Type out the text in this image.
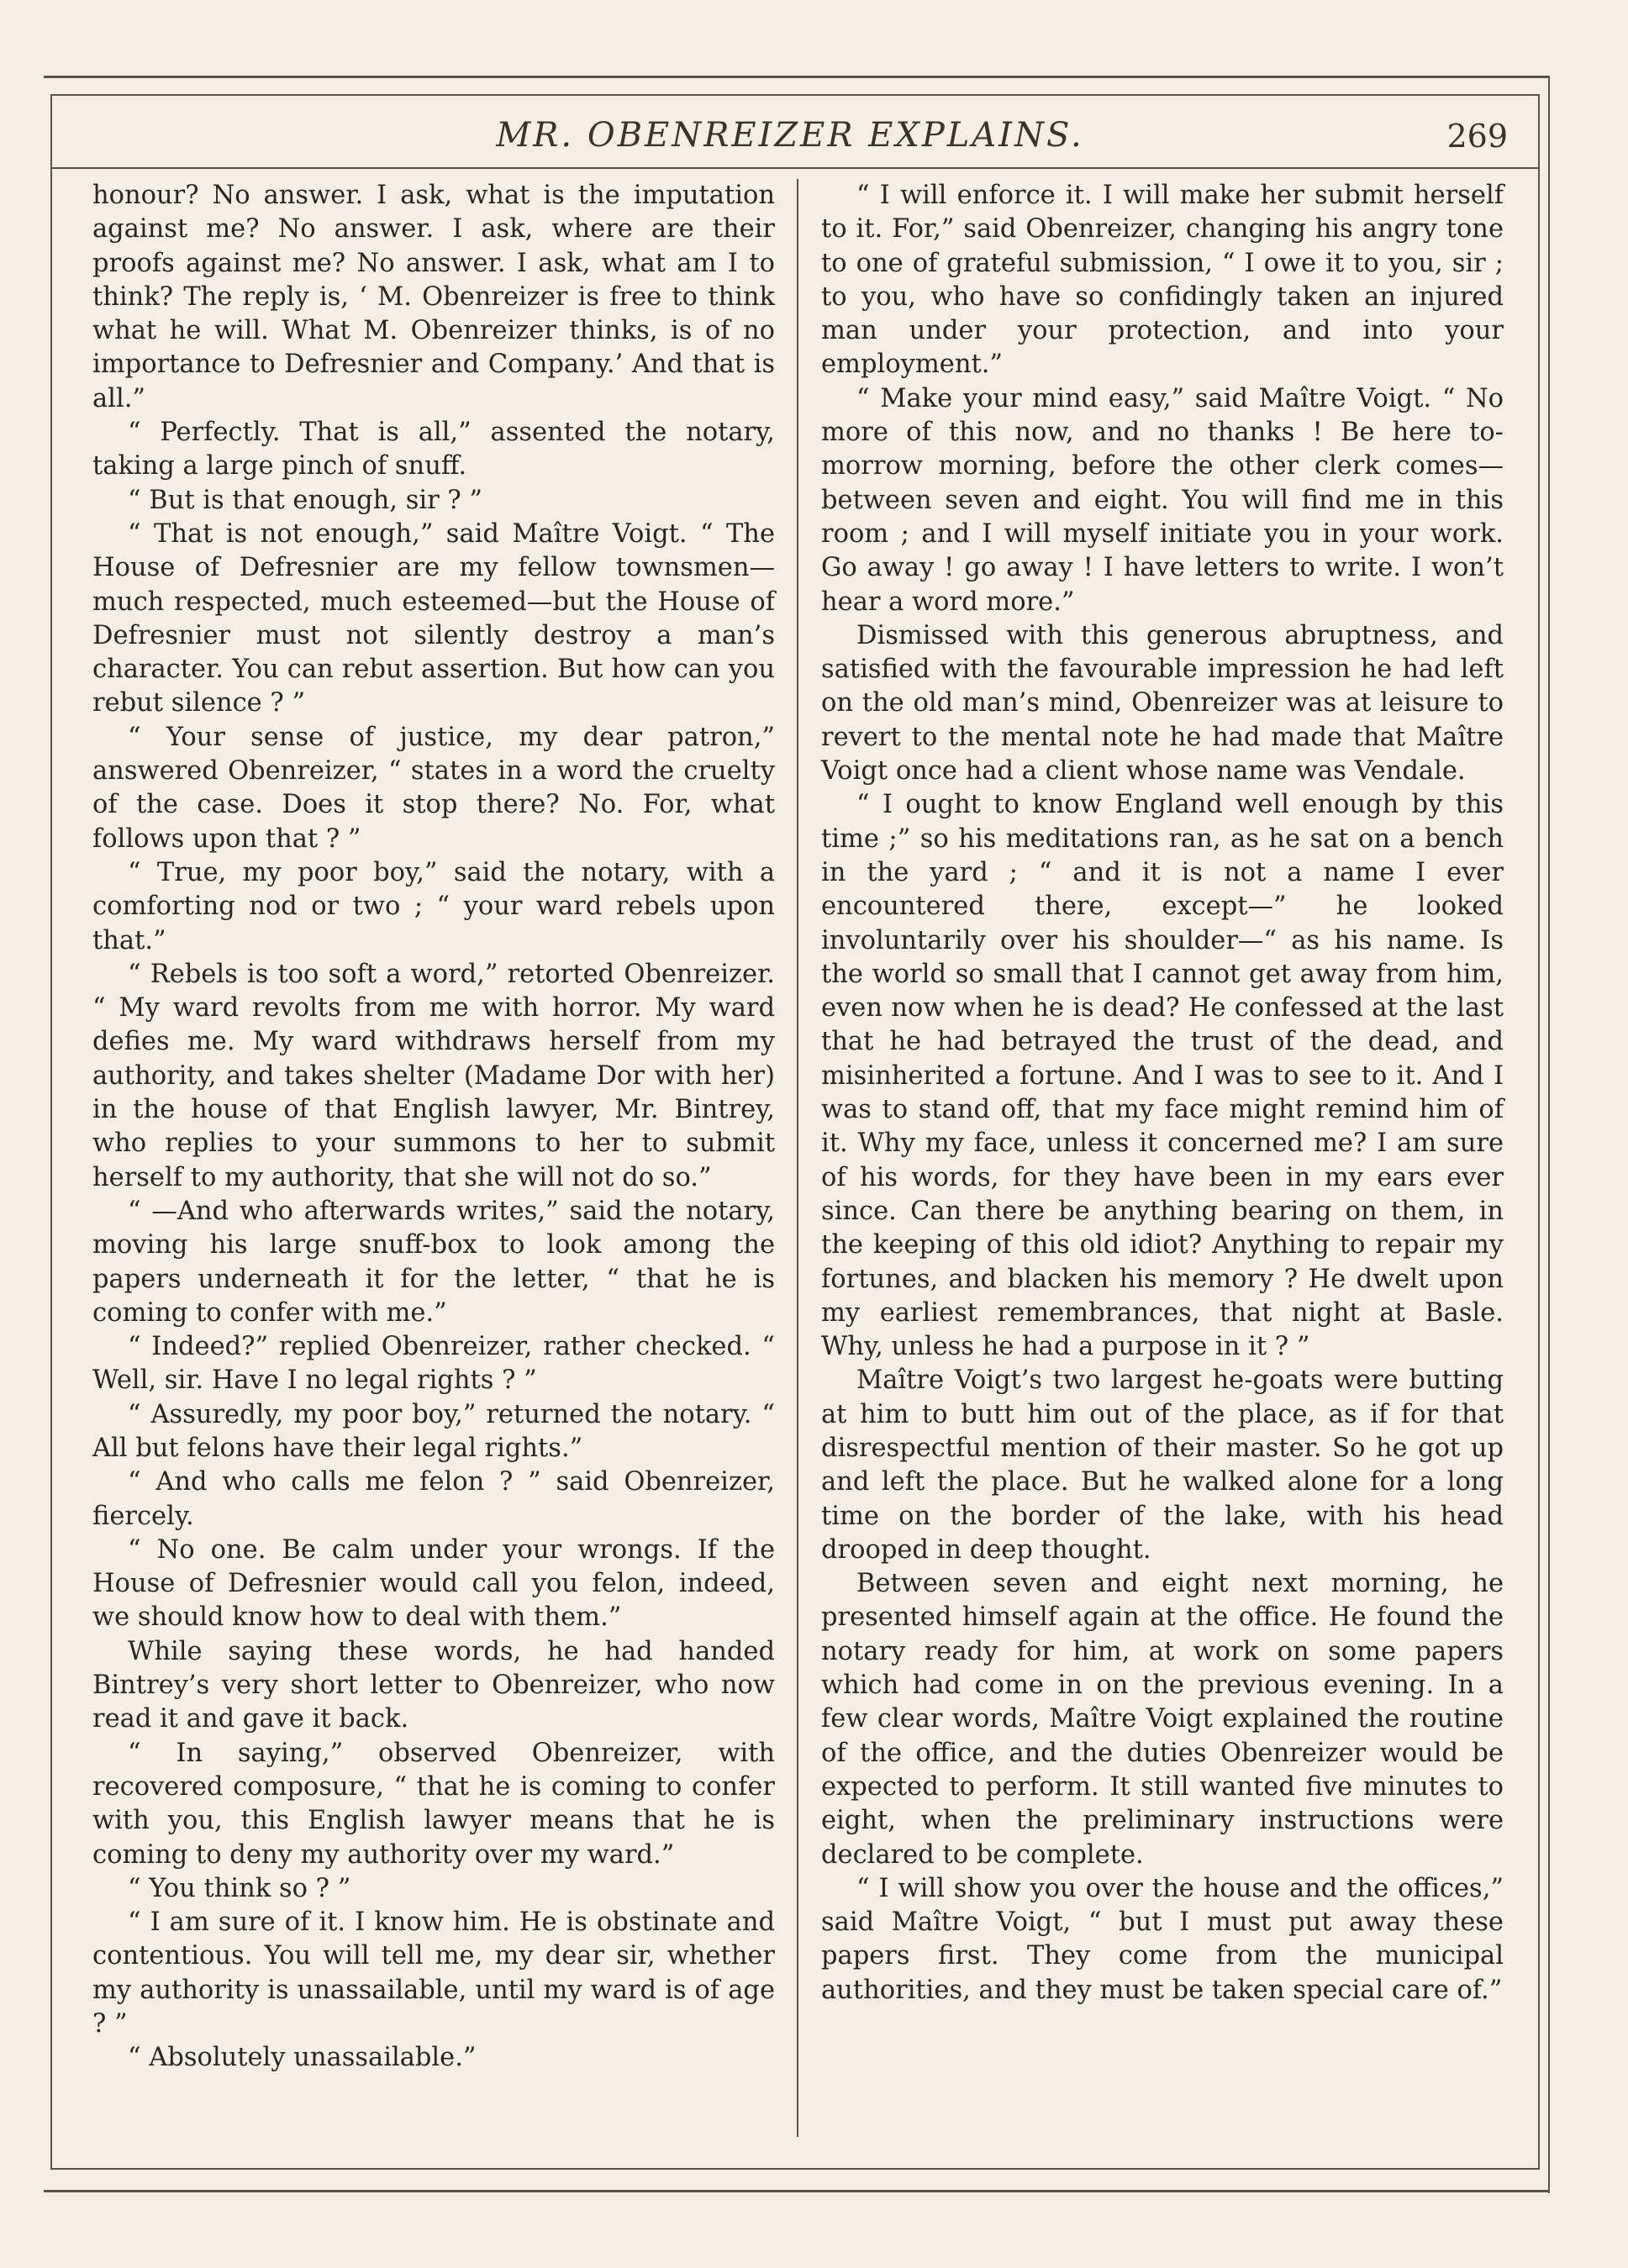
MR. OBENREIZER EXPLAINS.	269

honour? No answer. I ask, what is the imputation against me? No answer. I ask, where are their proofs against me? No answer. I ask, what am I to think? The reply is, ‘ M. Obenreizer is free to think what he will. What M. Obenreizer thinks, is of no importance to Defresnier and Company.’ And that is all.”

“ Perfectly. That is all,” assented the notary, taking a large pinch of snuff.

“ But is that enough, sir ? ”

“ That is not enough,” said Maître Voigt. “ The House of Defresnier are my fellow townsmen—much respected, much esteemed—but the House of Defresnier must not silently destroy a man’s character. You can rebut assertion. But how can you rebut silence ? ”

“ Your sense of justice, my dear patron,” answered Obenreizer, “ states in a word the cruelty of the case. Does it stop there? No. For, what follows upon that ? ”

“ True, my poor boy,” said the notary, with a comforting nod or two ; “ your ward rebels upon that.”

“ Rebels is too soft a word,” retorted Obenreizer. “ My ward revolts from me with horror. My ward defies me. My ward withdraws herself from my authority, and takes shelter (Madame Dor with her) in the house of that English lawyer, Mr. Bintrey, who replies to your summons to her to submit herself to my authority, that she will not do so.”

“ —And who afterwards writes,” said the notary, moving his large snuff-box to look among the papers underneath it for the letter, “ that he is coming to confer with me.”

“ Indeed?” replied Obenreizer, rather checked. “ Well, sir. Have I no legal rights ? ”

“ Assuredly, my poor boy,” returned the notary. “ All but felons have their legal rights.”

“ And who calls me felon ? ” said Obenreizer, fiercely.

“ No one. Be calm under your wrongs. If the House of Defresnier would call you felon, indeed, we should know how to deal with them.”

While saying these words, he had handed Bintrey’s very short letter to Obenreizer, who now read it and gave it back.

“ In saying,” observed Obenreizer, with recovered composure, “ that he is coming to confer with you, this English lawyer means that he is coming to deny my authority over my ward.”

“ You think so ? ”

“ I am sure of it. I know him. He is obstinate and contentious. You will tell me, my dear sir, whether my authority is unassailable, until my ward is of age ? ”

“ Absolutely unassailable.”

“ I will enforce it. I will make her submit herself to it. For,” said Obenreizer, changing his angry tone to one of grateful submission, “ I owe it to you, sir ; to you, who have so confidingly taken an injured man under your protection, and into your employment.”

“ Make your mind easy,” said Maître Voigt. “ No more of this now, and no thanks ! Be here to-morrow morning, before the other clerk comes—between seven and eight. You will find me in this room ; and I will myself initiate you in your work. Go away ! go away ! I have letters to write. I won’t hear a word more.”

Dismissed with this generous abruptness, and satisfied with the favourable impression he had left on the old man’s mind, Obenreizer was at leisure to revert to the mental note he had made that Maître Voigt once had a client whose name was Vendale.

“ I ought to know England well enough by this time ;” so his meditations ran, as he sat on a bench in the yard ; “ and it is not a name I ever encountered there, except—” he looked involuntarily over his shoulder—“ as his name. Is the world so small that I cannot get away from him, even now when he is dead? He confessed at the last that he had betrayed the trust of the dead, and misinherited a fortune. And I was to see to it. And I was to stand off, that my face might remind him of it. Why my face, unless it concerned me? I am sure of his words, for they have been in my ears ever since. Can there be anything bearing on them, in the keeping of this old idiot? Anything to repair my fortunes, and blacken his memory ? He dwelt upon my earliest remembrances, that night at Basle. Why, unless he had a purpose in it ? ”

Maître Voigt’s two largest he-goats were butting at him to butt him out of the place, as if for that disrespectful mention of their master. So he got up and left the place. But he walked alone for a long time on the border of the lake, with his head drooped in deep thought.

Between seven and eight next morning, he presented himself again at the office. He found the notary ready for him, at work on some papers which had come in on the previous evening. In a few clear words, Maître Voigt explained the routine of the office, and the duties Obenreizer would be expected to perform. It still wanted five minutes to eight, when the preliminary instructions were declared to be complete.

“ I will show you over the house and the offices,” said Maître Voigt, “ but I must put away these papers first. They come from the municipal authorities, and they must be taken special care of.”
